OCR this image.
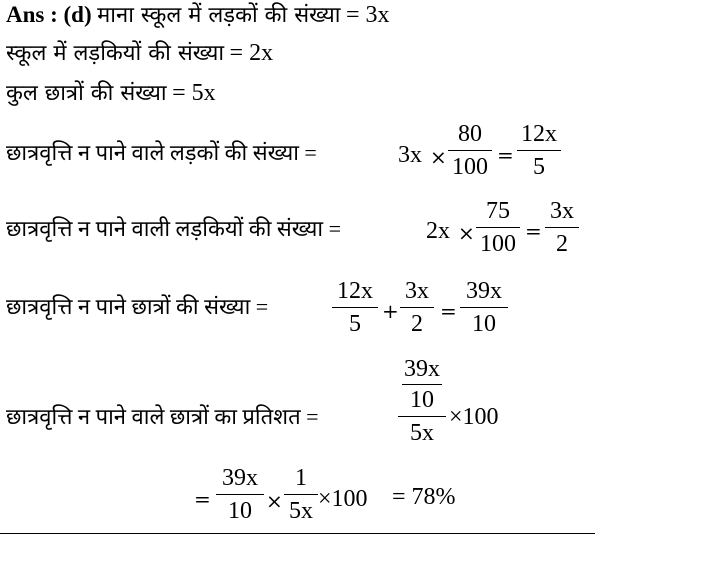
Ans : (d) माना स्कूल में लड़कों की संख्या = 3x
स्कूल में लड़कियों की संख्या = 2x
कुल छात्रों की संख्या = 5x
छात्रवृत्ति न पाने वाले लड़कों की संख्या =	3x ×
80
100 =
12x
5
छात्रवृत्ति न पाने वाली लड़कियों की संख्या =	2x ×
75
100 =
3x
2
छात्रवृत्ति न पाने छात्रों की संख्या =
12x
5	+
3x
2 =
39x
10
छात्रवृत्ति न पाने वाले छात्रों का प्रतिशत =
39x
10
5x
×100
=
39x
10 ×
1
5x ×100 = 78%
